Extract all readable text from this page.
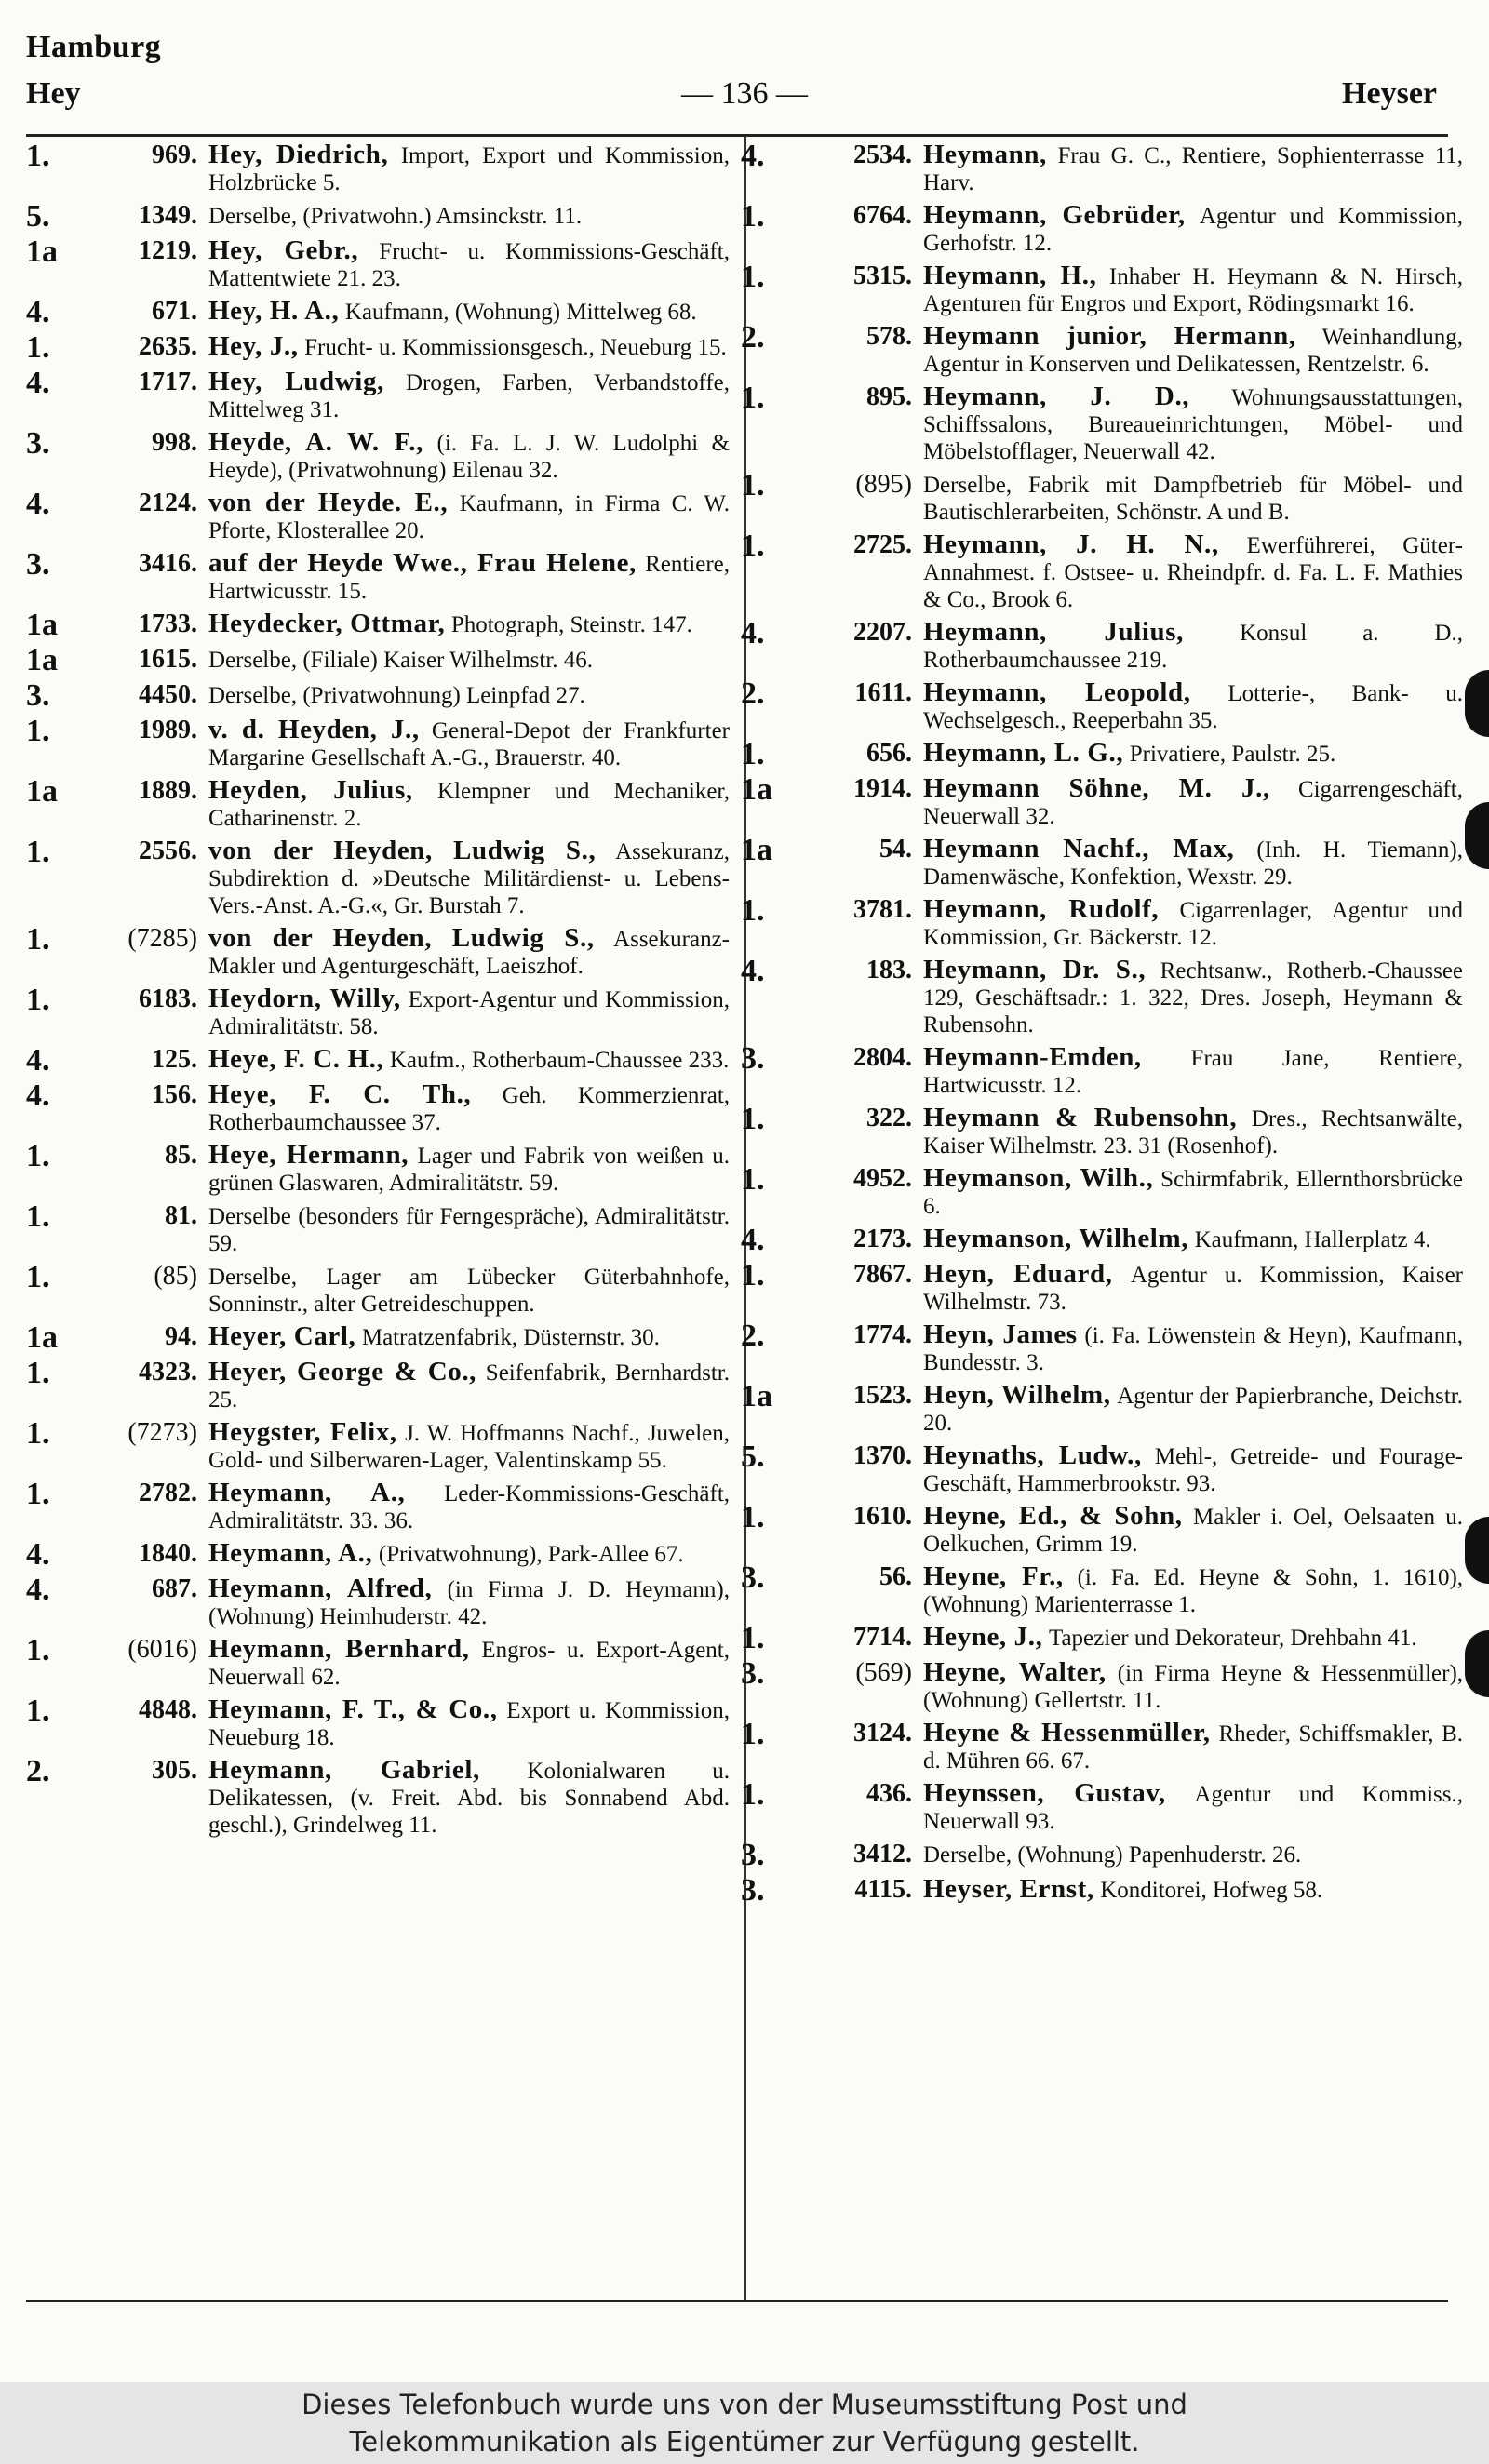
Hamburg
Hey	— 136 —	Heyser
1.	969. Hey, Diedrich, Import, Export und Kommission, Holzbrücke 5.
5.	1349. Derselbe, (Privatwohn.) Amsinckstr. 11.
1a	1219. Hey, Gebr., Frucht- u. Kommissions-Geschäft, Mattentwiete 21. 23.
4.	671. Hey, H. A., Kaufmann, (Wohnung) Mittelweg 68.
1.	2635. Hey, J., Frucht- u. Kommissionsgesch., Neueburg 15.
4.	1717. Hey, Ludwig, Drogen, Farben, Verbandstoffe, Mittelweg 31.
3.	998. Heyde, A. W. F., (i. Fa. L. J. W. Ludolphi & Heyde), (Privatwohnung) Eilenau 32.
4.	2124. von der Heyde. E., Kaufmann, in Firma C. W. Pforte, Klosterallee 20.
3.	3416. auf der Heyde Wwe., Frau Helene, Rentiere, Hartwicusstr. 15.
1a	1733. Heydecker, Ottmar, Photograph, Steinstr. 147.
1a	1615. Derselbe, (Filiale) Kaiser Wilhelmstr. 46.
3.	4450. Derselbe, (Privatwohnung) Leinpfad 27.
1.	1989. v. d. Heyden, J., General-Depot der Frankfurter Margarine Gesellschaft A.-G., Brauerstr. 40.
1a	1889. Heyden, Julius, Klempner und Mechaniker, Catharinenstr. 2.
1.	2556. von der Heyden, Ludwig S., Assekuranz, Subdirektion d. »Deutsche Militärdienst- u. Lebens-Vers.-Anst. A.-G.«, Gr. Burstah 7.
1.	(7285) von der Heyden, Ludwig S., Assekuranz-Makler und Agenturgeschäft, Laeiszhof.
1.	6183. Heydorn, Willy, Export-Agentur und Kommission, Admiralitätstr. 58.
4.	125. Heye, F. C. H., Kaufm., Rotherbaum-Chaussee 233.
4.	156. Heye, F. C. Th., Geh. Kommerzienrat, Rotherbaumchaussee 37.
1.	85. Heye, Hermann, Lager und Fabrik von weißen u. grünen Glaswaren, Admiralitätstr. 59.
1.	81. Derselbe (besonders für Ferngespräche), Admiralitätstr. 59.
1.	(85) Derselbe, Lager am Lübecker Güterbahnhofe, Sonninstr., alter Getreideschuppen.
1a	94. Heyer, Carl, Matratzenfabrik, Düsternstr. 30.
1.	4323. Heyer, George & Co., Seifenfabrik, Bernhardstr. 25.
1.	(7273) Heygster, Felix, J. W. Hoffmanns Nachf., Juwelen, Gold- und Silberwaren-Lager, Valentinskamp 55.
1.	2782. Heymann, A., Leder-Kommissions-Geschäft, Admiralitätstr. 33. 36.
4.	1840. Heymann, A., (Privatwohnung), Park-Allee 67.
4.	687. Heymann, Alfred, (in Firma J. D. Heymann), (Wohnung) Heimhuderstr. 42.
1.	(6016) Heymann, Bernhard, Engros- u. Export-Agent, Neuerwall 62.
1.	4848. Heymann, F. T., & Co., Export u. Kommission, Neueburg 18.
2.	305. Heymann, Gabriel, Kolonialwaren u. Delikatessen, (v. Freit. Abd. bis Sonnabend Abd. geschl.), Grindelweg 11.
4.	2534. Heymann, Frau G. C., Rentiere, Sophienterrasse 11, Harv.
1.	6764. Heymann, Gebrüder, Agentur und Kommission, Gerhofstr. 12.
1.	5315. Heymann, H., Inhaber H. Heymann & N. Hirsch, Agenturen für Engros und Export, Rödingsmarkt 16.
2.	578. Heymann junior, Hermann, Weinhandlung, Agentur in Konserven und Delikatessen, Rentzelstr. 6.
1.	895. Heymann, J. D., Wohnungsausstattungen, Schiffssalons, Bureaueinrichtungen, Möbel- und Möbelstofflager, Neuerwall 42.
1.	(895) Derselbe, Fabrik mit Dampfbetrieb für Möbel- und Bautischlerarbeiten, Schönstr. A und B.
1.	2725. Heymann, J. H. N., Ewerführerei, Güter-Annahmest. f. Ostsee- u. Rheindpfr. d. Fa. L. F. Mathies & Co., Brook 6.
4.	2207. Heymann, Julius, Konsul a. D., Rotherbaumchaussee 219.
2.	1611. Heymann, Leopold, Lotterie-, Bank- u. Wechselgesch., Reeperbahn 35.
1.	656. Heymann, L. G., Privatiere, Paulstr. 25.
1a	1914. Heymann Söhne, M. J., Cigarrengeschäft, Neuerwall 32.
1a	54. Heymann Nachf., Max, (Inh. H. Tiemann), Damenwäsche, Konfektion, Wexstr. 29.
1.	3781. Heymann, Rudolf, Cigarrenlager, Agentur und Kommission, Gr. Bäckerstr. 12.
4.	183. Heymann, Dr. S., Rechtsanw., Rotherb.-Chaussee 129, Geschäftsadr.: 1. 322, Dres. Joseph, Heymann & Rubensohn.
3.	2804. Heymann-Emden, Frau Jane, Rentiere, Hartwicusstr. 12.
1.	322. Heymann & Rubensohn, Dres., Rechtsanwälte, Kaiser Wilhelmstr. 23. 31 (Rosenhof).
1.	4952. Heymanson, Wilh., Schirmfabrik, Ellernthorsbrücke 6.
4.	2173. Heymanson, Wilhelm, Kaufmann, Hallerplatz 4.
1.	7867. Heyn, Eduard, Agentur u. Kommission, Kaiser Wilhelmstr. 73.
2.	1774. Heyn, James (i. Fa. Löwenstein & Heyn), Kaufmann, Bundesstr. 3.
1a	1523. Heyn, Wilhelm, Agentur der Papierbranche, Deichstr. 20.
5.	1370. Heynaths, Ludw., Mehl-, Getreide- und Fourage-Geschäft, Hammerbrookstr. 93.
1.	1610. Heyne, Ed., & Sohn, Makler i. Oel, Oelsaaten u. Oelkuchen, Grimm 19.
3.	56. Heyne, Fr., (i. Fa. Ed. Heyne & Sohn, 1. 1610), (Wohnung) Marienterrasse 1.
1.	7714. Heyne, J., Tapezier und Dekorateur, Drehbahn 41.
3.	(569) Heyne, Walter, (in Firma Heyne & Hessenmüller), (Wohnung) Gellertstr. 11.
1.	3124. Heyne & Hessenmüller, Rheder, Schiffsmakler, B. d. Mühren 66. 67.
1.	436. Heynssen, Gustav, Agentur und Kommiss., Neuerwall 93.
3.	3412. Derselbe, (Wohnung) Papenhuderstr. 26.
3.	4115. Heyser, Ernst, Konditorei, Hofweg 58.
Dieses Telefonbuch wurde uns von der Museumsstiftung Post und
Telekommunikation als Eigentümer zur Verfügung gestellt.
